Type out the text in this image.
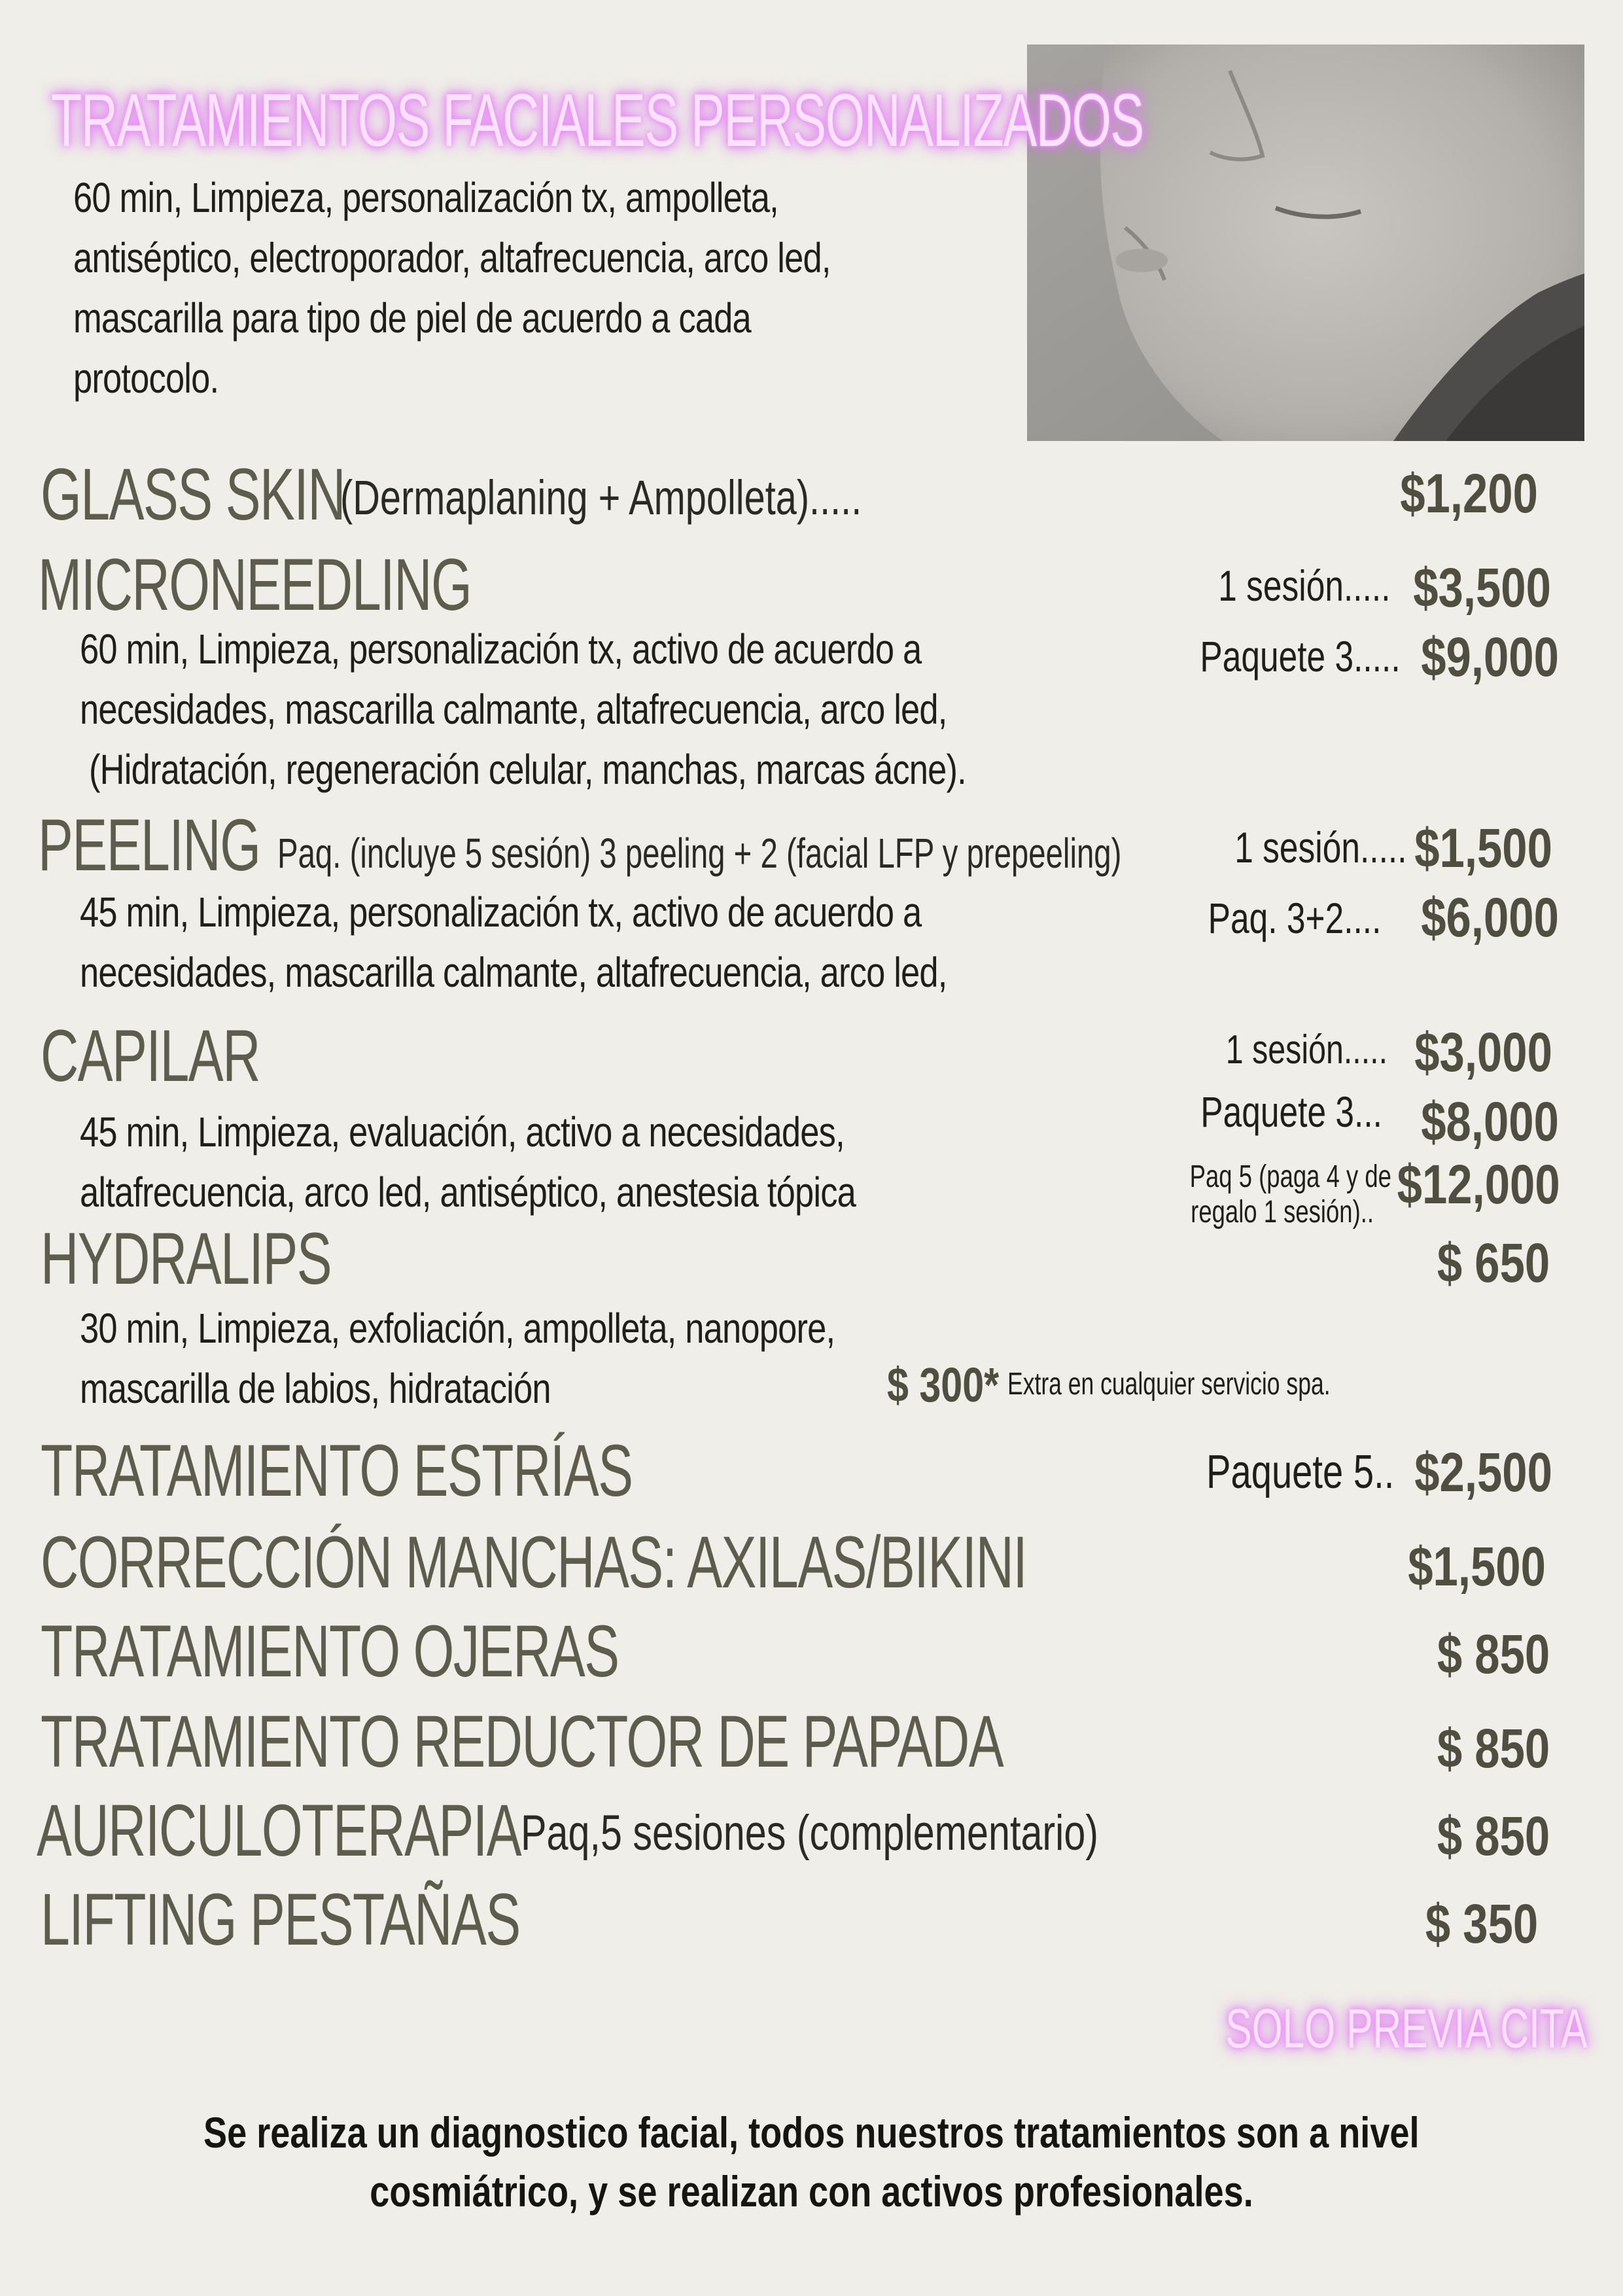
TRATAMIENTOS FACIALES PERSONALIZADOS
60 min, Limpieza, personalización tx, ampolleta,
antiséptico, electroporador, altafrecuencia, arco led,
mascarilla para tipo de piel de acuerdo a cada
protocolo.
GLASS SKIN
(Dermaplaning + Ampolleta).....	$1,200
MICRONEEDLING
60 min, Limpieza, personalización tx, activo de acuerdo a
necesidades, mascarilla calmante, altafrecuencia, arco led,
(Hidratación, regeneración celular, manchas, marcas ácne).
1 sesión..... $3,500
Paquete 3..... $9,000
PEELING Paq. (incluye 5 sesión) 3 peeling + 2 (facial LFP y prepeeling)	1 sesión..... $1,500
45 min, Limpieza, personalización tx, activo de acuerdo a
necesidades, mascarilla calmante, altafrecuencia, arco led,
Paq. 3+2.... $6,000
CAPILAR	1 sesión..... $3,000
45 min, Limpieza, evaluación, activo a necesidades,
altafrecuencia, arco led, antiséptico, anestesia tópica
Paquete 3... $8,000
Paq 5 (paga 4 y de
regalo 1 sesión).. $12,000
HYDRALIPS	$ 650
30 min, Limpieza, exfoliación, ampolleta, nanopore,
mascarilla de labios, hidratación	$ 300* Extra en cualquier servicio spa.
TRATAMIENTO ESTRÍAS	Paquete 5.. $2,500
CORRECCIÓN MANCHAS: AXILAS/BIKINI	$1,500
TRATAMIENTO OJERAS	$ 850
TRATAMIENTO REDUCTOR DE PAPADA	$ 850
AURICULOTERAPIA Paq,5 sesiones (complementario)	$ 850
LIFTING PESTAÑAS	$ 350
SOLO PREVIA CITA
Se realiza un diagnostico facial, todos nuestros tratamientos son a nivel
cosmiátrico, y se realizan con activos profesionales.
